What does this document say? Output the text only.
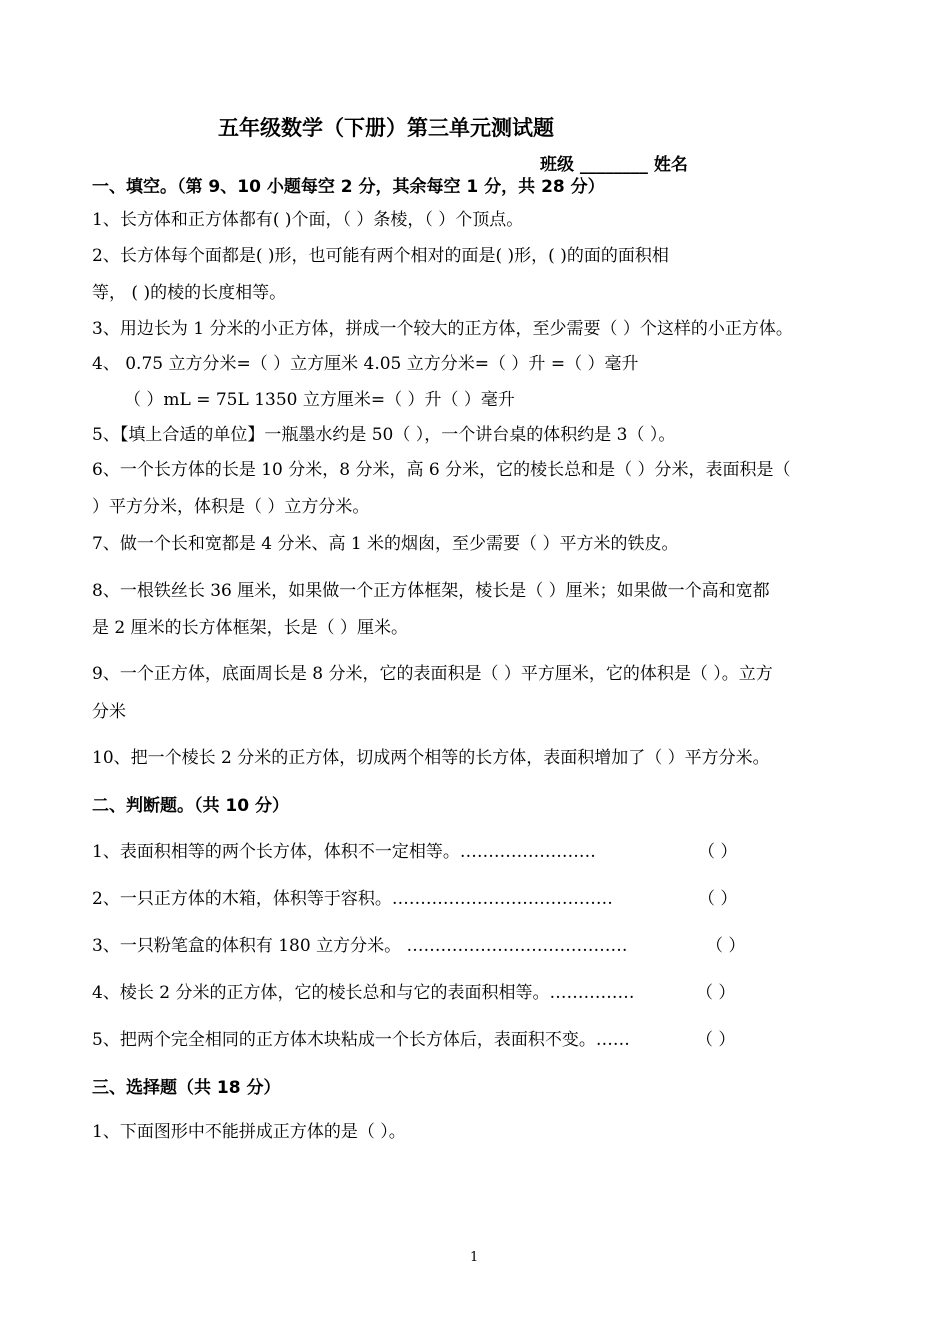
五年级数学（下册）第三单元测试题
班级 ________ 姓名
一、填空。（第 9、10 小题每空 2 分，其余每空 1 分，共 28 分）
1、长方体和正方体都有( )个面，（ ）条棱，（ ）个顶点。
2、长方体每个面都是( )形，也可能有两个相对的面是( )形，( )的面的面积相
等， ( )的棱的长度相等。
3、用边长为 1 分米的小正方体，拼成一个较大的正方体，至少需要（ ）个这样的小正方体。
4、 0.75 立方分米=（ ）立方厘米 4.05 立方分米=（ ）升 =（ ）毫升
（ ）mL = 75L 1350 立方厘米=（ ）升（ ）毫升
5、【填上合适的单位】一瓶墨水约是 50（ ），一个讲台桌的体积约是 3（ ）。
6、一个长方体的长是 10 分米，8 分米，高 6 分米，它的棱长总和是（ ）分米，表面积是（
）平方分米，体积是（ ）立方分米。
7、做一个长和宽都是 4 分米、高 1 米的烟囱，至少需要（ ）平方米的铁皮。
8、一根铁丝长 36 厘米，如果做一个正方体框架，棱长是（ ）厘米；如果做一个高和宽都
是 2 厘米的长方体框架，长是（ ）厘米。
9、一个正方体，底面周长是 8 分米，它的表面积是（ ）平方厘米，它的体积是（ ）。立方
分米
10、把一个棱长 2 分米的正方体，切成两个相等的长方体，表面积增加了（ ）平方分米。
二、判断题。（共 10 分）
1、表面积相等的两个长方体，体积不一定相等。……………………	（ ）
2、一只正方体的木箱，体积等于容积。…………………………………	（ ）
3、一只粉笔盒的体积有 180 立方分米。 …………………………………	（ ）
4、棱长 2 分米的正方体，它的棱长总和与它的表面积相等。……………	（ ）
5、把两个完全相同的正方体木块粘成一个长方体后，表面积不变。……	（ ）
三、选择题（共 18 分）
1、下面图形中不能拼成正方体的是（ ）。
1
